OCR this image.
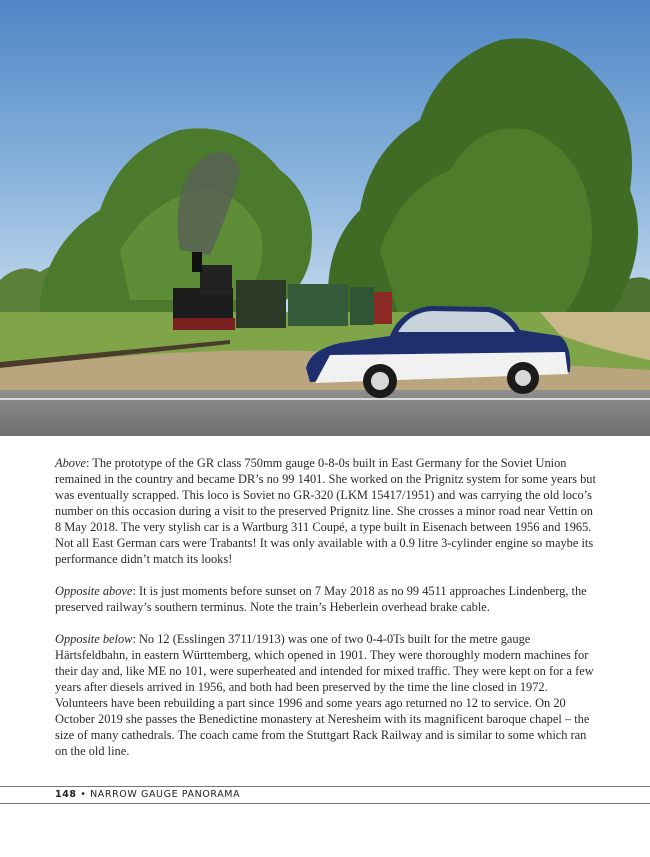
Above: The prototype of the GR class 750mm gauge 0-8-0s built in East Germany for the Soviet Union remained in the country and became DR’s no 99 1401. She worked on the Prignitz system for some years but was eventually scrapped. This loco is Soviet no GR-320 (LKM 15417/1951) and was carrying the old loco’s number on this occasion during a visit to the preserved Prignitz line. She crosses a minor road near Vettin on 8 May 2018. The very stylish car is a Wartburg 311 Coupé, a type built in Eisenach between 1956 and 1965. Not all East German cars were Trabants! It was only available with a 0.9 litre 3-cylinder engine so maybe its performance didn’t match its looks!

Opposite above: It is just moments before sunset on 7 May 2018 as no 99 4511 approaches Lindenberg, the preserved railway’s southern terminus. Note the train’s Heberlein overhead brake cable.

Opposite below: No 12 (Esslingen 3711/1913) was one of two 0-4-0Ts built for the metre gauge Härtsfeldbahn, in eastern Württemberg, which opened in 1901. They were thoroughly modern machines for their day and, like ME no 101, were superheated and intended for mixed traffic. They were kept on for a few years after diesels arrived in 1956, and both had been preserved by the time the line closed in 1972. Volunteers have been rebuilding a part since 1996 and some years ago returned no 12 to service. On 20 October 2019 she passes the Benedictine monastery at Neresheim with its magnificent baroque chapel – the size of many cathedrals. The coach came from the Stuttgart Rack Railway and is similar to some which ran on the old line.

148 • NARROW GAUGE PANORAMA
